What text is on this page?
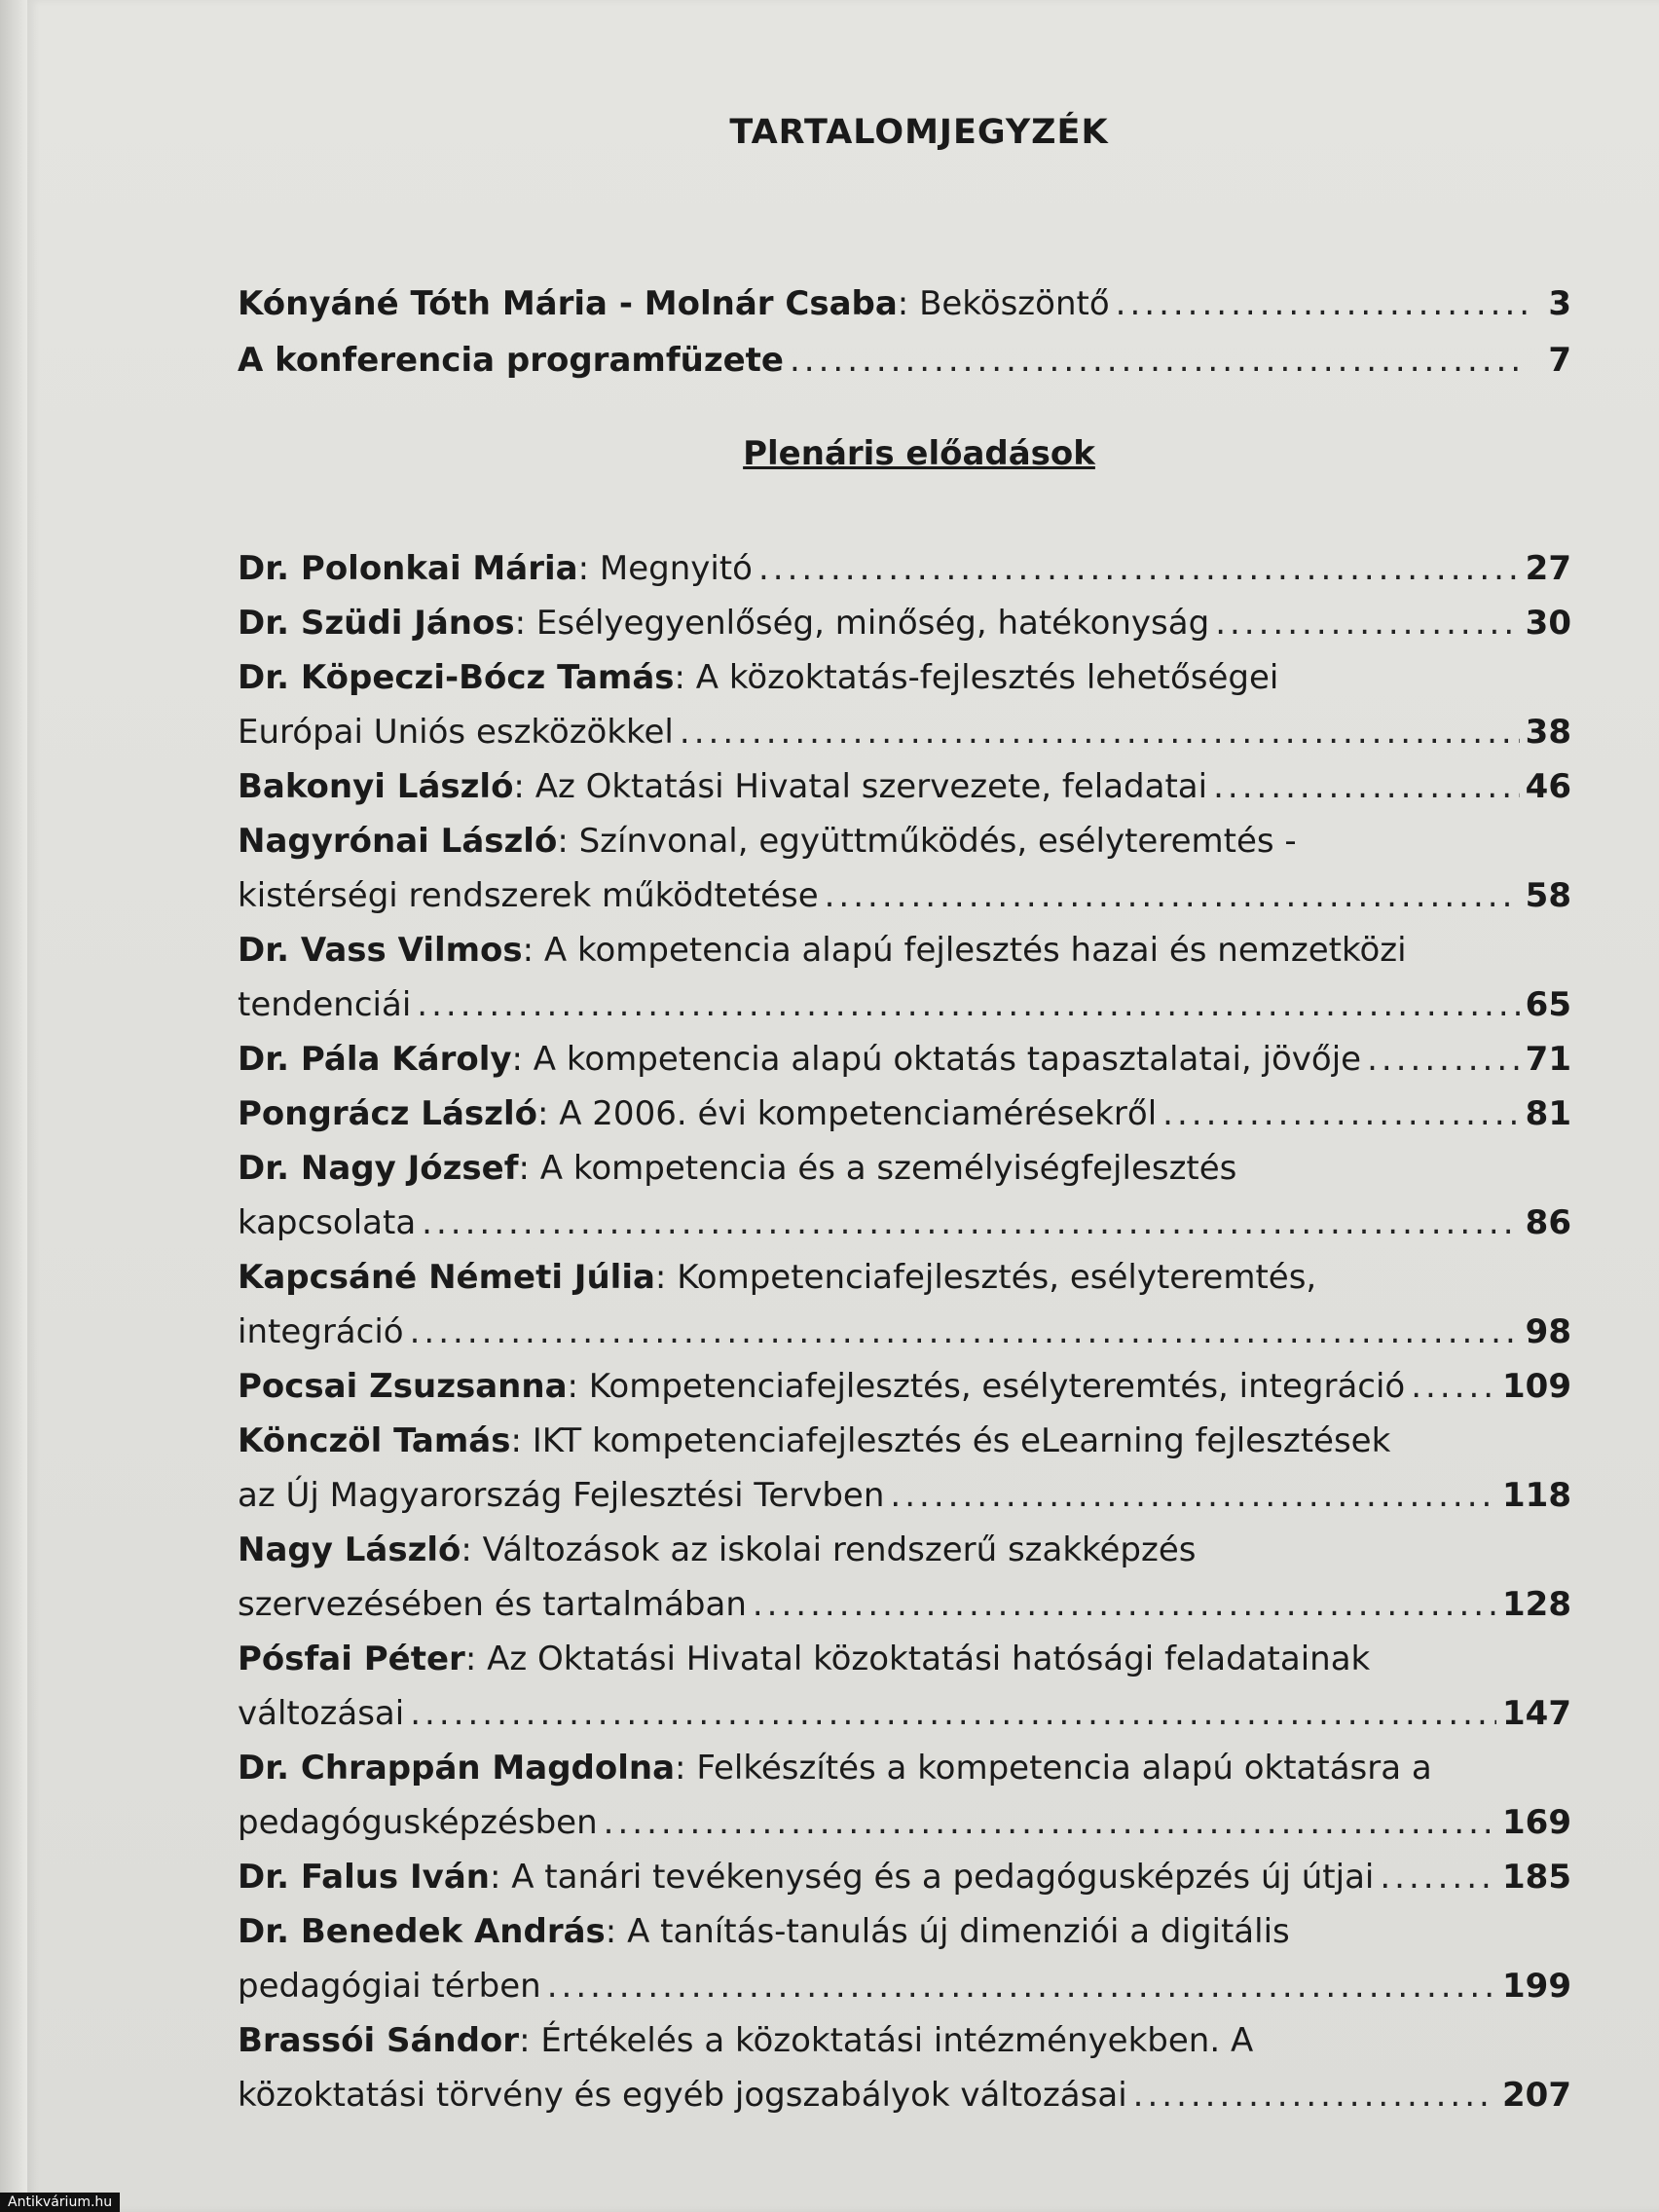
TARTALOMJEGYZÉK
Kónyáné Tóth Mária - Molnár Csaba : Beköszöntő .....	3
A konferencia programfüzete .....	7
Plenáris előadások
Dr. Polonkai Mária : Megnyitó .....	27
Dr. Szüdi János : Esélyegyenlőség, minőség, hatékonyság .....	30
Dr. Köpeczi-Bócz Tamás : A közoktatás-fejlesztés lehetőségei
Európai Uniós eszközökkel .....	38
Bakonyi László : Az Oktatási Hivatal szervezete, feladatai .....	46
Nagyrónai László : Színvonal, együttműködés, esélyteremtés -
kistérségi rendszerek működtetése .....	58
Dr. Vass Vilmos : A kompetencia alapú fejlesztés hazai és nemzetközi
tendenciái .....	65
Dr. Pála Károly : A kompetencia alapú oktatás tapasztalatai, jövője .....	71
Pongrácz László : A 2006. évi kompetenciamérésekről .....	81
Dr. Nagy József : A kompetencia és a személyiségfejlesztés
kapcsolata .....	86
Kapcsáné Németi Júlia : Kompetenciafejlesztés, esélyteremtés,
integráció .....	98
Pocsai Zsuzsanna : Kompetenciafejlesztés, esélyteremtés, integráció .....	109
Könczöl Tamás : IKT kompetenciafejlesztés és eLearning fejlesztések
az Új Magyarország Fejlesztési Tervben .....	118
Nagy László : Változások az iskolai rendszerű szakképzés
szervezésében és tartalmában .....	128
Pósfai Péter : Az Oktatási Hivatal közoktatási hatósági feladatainak
változásai .....	147
Dr. Chrappán Magdolna : Felkészítés a kompetencia alapú oktatásra a
pedagógusképzésben .....	169
Dr. Falus Iván : A tanári tevékenység és a pedagógusképzés új útjai .....	185
Dr. Benedek András : A tanítás-tanulás új dimenziói a digitális
pedagógiai térben .....	199
Brassói Sándor : Értékelés a közoktatási intézményekben. A
közoktatási törvény és egyéb jogszabályok változásai .....	207
Antikvárium.hu
